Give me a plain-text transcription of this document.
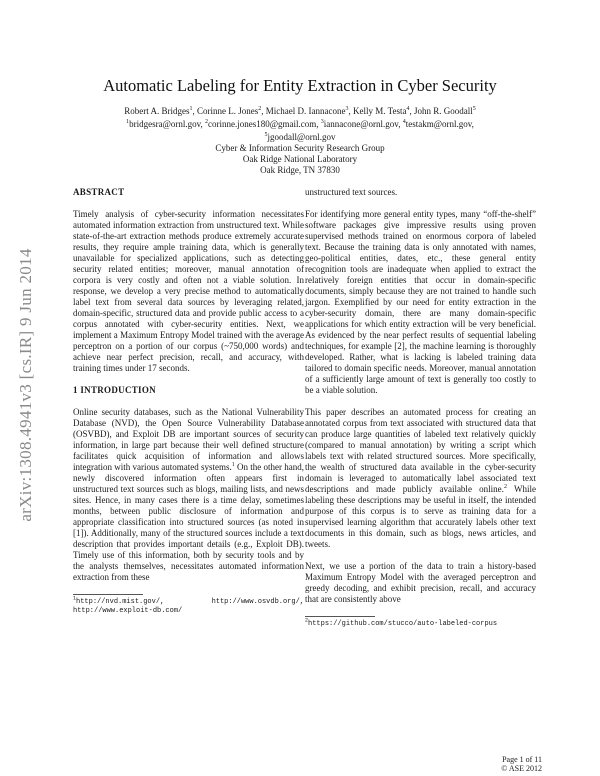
arXiv:1308.4941v3 [cs.IR] 9 Jun 2014
Automatic Labeling for Entity Extraction in Cyber Security
Robert A. Bridges$^1$, Corinne L. Jones$^2$, Michael D. Iannacone$^3$, Kelly M. Testa$^4$, John R. Goodall$^5$
$^1$bridgesra@ornl.gov, $^2$corinne.jones180@gmail.com, $^3$iannacone@ornl.gov, $^4$testakm@ornl.gov,
$^5$jgoodall@ornl.gov
Cyber & Information Security Research Group
Oak Ridge National Laboratory
Oak Ridge, TN 37830
ABSTRACT

Timely analysis of cyber-security information necessitates automated information extraction from unstructured text. While state-of-the-art extraction methods produce extremely accurate results, they require ample training data, which is generally unavailable for specialized applications, such as detecting security related entities; moreover, manual annotation of corpora is very costly and often not a viable solution. In response, we develop a very precise method to automatically label text from several data sources by leveraging related, domain-specific, structured data and provide public access to a corpus annotated with cyber-security entities. Next, we implement a Maximum Entropy Model trained with the average perceptron on a portion of our corpus (~750,000 words) and achieve near perfect precision, recall, and accuracy, with training times under 17 seconds.

1 INTRODUCTION

Online security databases, such as the National Vulnerability Database (NVD), the Open Source Vulnerability Database (OSVBD), and Exploit DB are important sources of security information, in large part because their well defined structure facilitates quick acquisition of information and allows integration with various automated systems.$^1$ On the other hand, newly discovered information often appears first in unstructured text sources such as blogs, mailing lists, and news sites. Hence, in many cases there is a time delay, sometimes months, between public disclosure of information and appropriate classification into structured sources (as noted in [1]). Additionally, many of the structured sources include a text description that provides important details (e.g., Exploit DB). Timely use of this information, both by security tools and by the analysts themselves, necessitates automated information extraction from these

$^1$http://nvd.mist.gov/, http://www.osvdb.org/, http://www.exploit-db.com/

unstructured text sources.

For identifying more general entity types, many “off-the-shelf” software packages give impressive results using proven supervised methods trained on enormous corpora of labeled text. Because the training data is only annotated with names, geo-political entities, dates, etc., these general entity recognition tools are inadequate when applied to extract the relatively foreign entities that occur in domain-specific documents, simply because they are not trained to handle such jargon. Exemplified by our need for entity extraction in the cyber-security domain, there are many domain-specific applications for which entity extraction will be very beneficial. As evidenced by the near perfect results of sequential labeling techniques, for example [2], the machine learning is thoroughly developed. Rather, what is lacking is labeled training data tailored to domain specific needs. Moreover, manual annotation of a sufficiently large amount of text is generally too costly to be a viable solution.

This paper describes an automated process for creating an annotated corpus from text associated with structured data that can produce large quantities of labeled text relatively quickly (compared to manual annotation) by writing a script which labels text with related structured sources. More specifically, the wealth of structured data available in the cyber-security domain is leveraged to automatically label associated text descriptions and made publicly available online.$^2$ While labeling these descriptions may be useful in itself, the intended purpose of this corpus is to serve as training data for a supervised learning algorithm that accurately labels other text documents in this domain, such as blogs, news articles, and tweets.

Next, we use a portion of the data to train a history-based Maximum Entropy Model with the averaged perceptron and greedy decoding, and exhibit precision, recall, and accuracy that are consistently above

$^2$https://github.com/stucco/auto-labeled-corpus
Page 1 of 11
© ASE 2012
